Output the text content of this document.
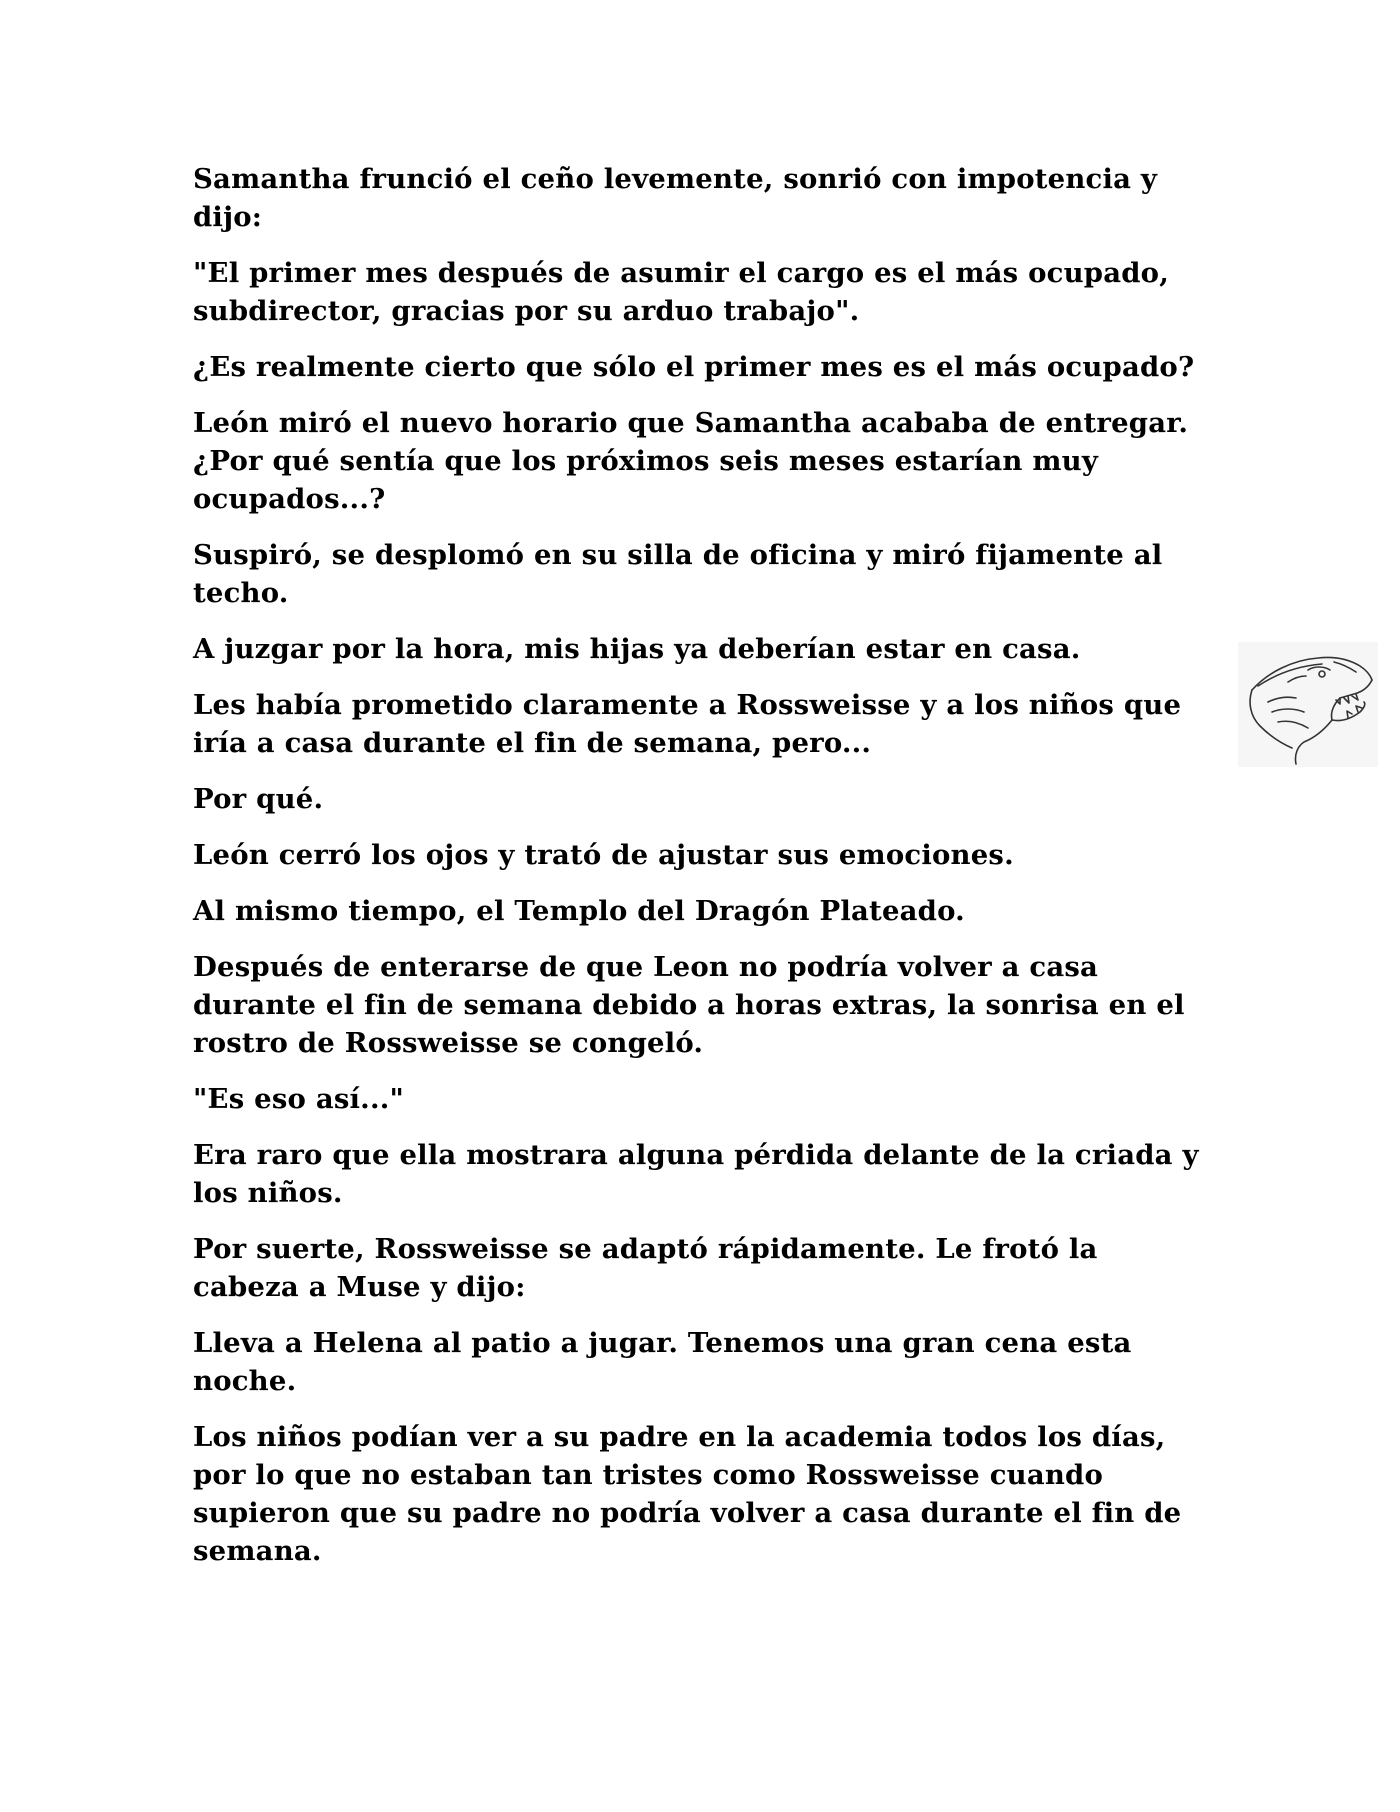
Samantha frunció el ceño levemente, sonrió con impotencia y dijo:

"El primer mes después de asumir el cargo es el más ocupado, subdirector, gracias por su arduo trabajo".

¿Es realmente cierto que sólo el primer mes es el más ocupado?

León miró el nuevo horario que Samantha acababa de entregar. ¿Por qué sentía que los próximos seis meses estarían muy ocupados...?

Suspiró, se desplomó en su silla de oficina y miró fijamente al techo.

A juzgar por la hora, mis hijas ya deberían estar en casa.

Les había prometido claramente a Rossweisse y a los niños que iría a casa durante el fin de semana, pero...

Por qué.

León cerró los ojos y trató de ajustar sus emociones.

Al mismo tiempo, el Templo del Dragón Plateado.

Después de enterarse de que Leon no podría volver a casa durante el fin de semana debido a horas extras, la sonrisa en el rostro de Rossweisse se congeló.

"Es eso así..."

Era raro que ella mostrara alguna pérdida delante de la criada y los niños.

Por suerte, Rossweisse se adaptó rápidamente. Le frotó la cabeza a Muse y dijo:

Lleva a Helena al patio a jugar. Tenemos una gran cena esta noche.

Los niños podían ver a su padre en la academia todos los días, por lo que no estaban tan tristes como Rossweisse cuando supieron que su padre no podría volver a casa durante el fin de semana.
